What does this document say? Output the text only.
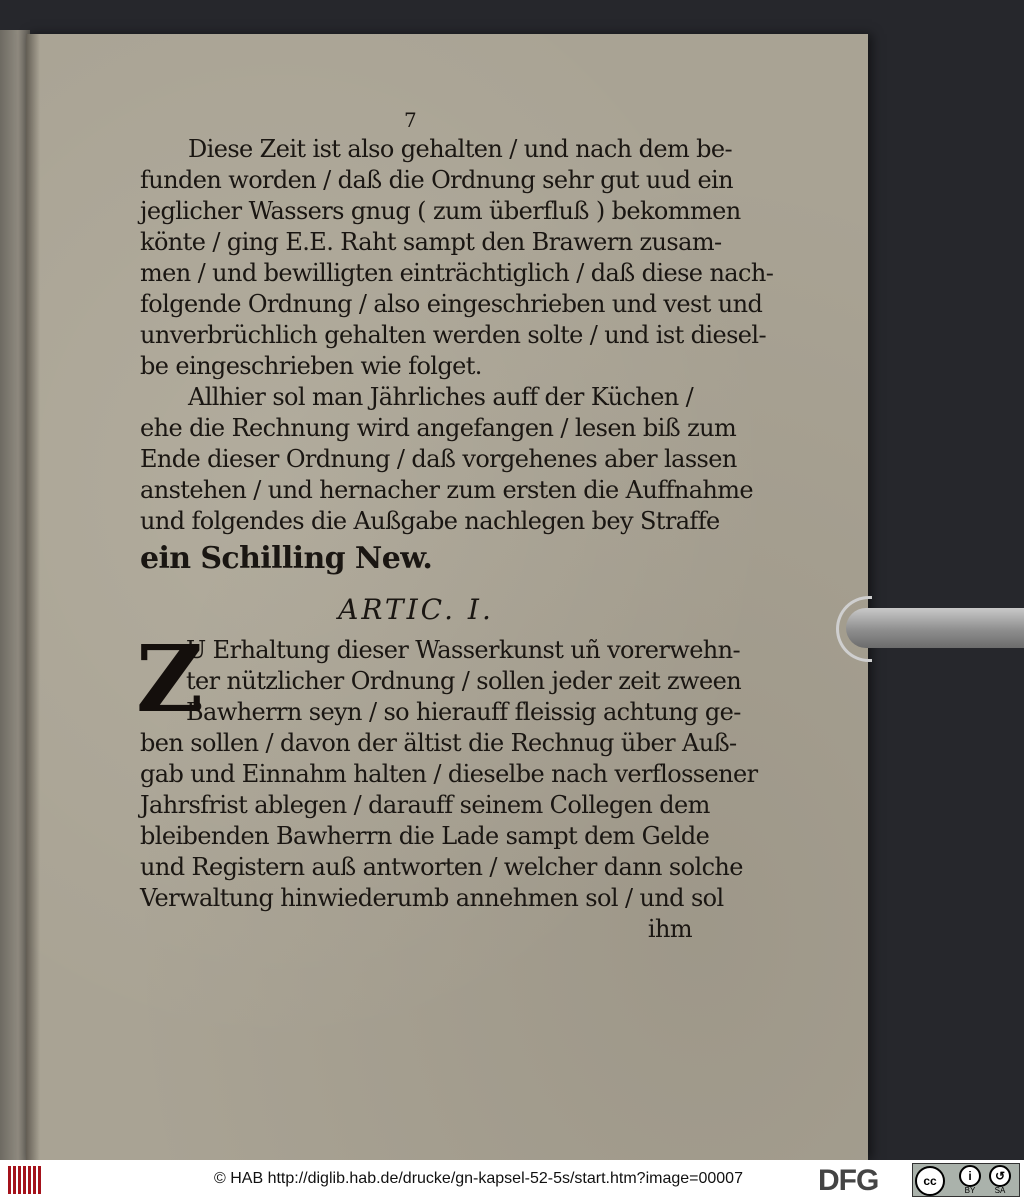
7
Diese Zeit ist also gehalten / und nach dem be-
funden worden / daß die Ordnung sehr gut uud ein
jeglicher Wassers gnug ( zum überfluß ) bekommen
könte / ging E.E. Raht sampt den Brawern zusam-
men / und bewilligten einträchtiglich / daß diese nach-
folgende Ordnung / also eingeschrieben und vest und
unverbrüchlich gehalten werden solte / und ist diesel-
be eingeschrieben wie folget.
Allhier sol man Jährliches auff der Küchen /
ehe die Rechnung wird angefangen / lesen biß zum
Ende dieser Ordnung / daß vorgehenes aber lassen
anstehen / und hernacher zum ersten die Auffnahme
und folgendes die Außgabe nachlegen bey Straffe
ein Schilling New.
ARTIC. I.
Z
U Erhaltung dieser Wasserkunst uñ vorerwehn-
ter nützlicher Ordnung / sollen jeder zeit zween
Bawherrn seyn / so hierauff fleissig achtung ge-
ben sollen / davon der ältist die Rechnug über Auß-
gab und Einnahm halten / dieselbe nach verflossener
Jahrsfrist ablegen / darauff seinem Collegen dem
bleibenden Bawherrn die Lade sampt dem Gelde
und Registern auß antworten / welcher dann solche
Verwaltung hinwiederumb annehmen sol / und sol
ihm
© HAB http://diglib.hab.de/drucke/gn-kapsel-52-5s/start.htm?image=00007	DFG	cc	i
BY
↺
SA
